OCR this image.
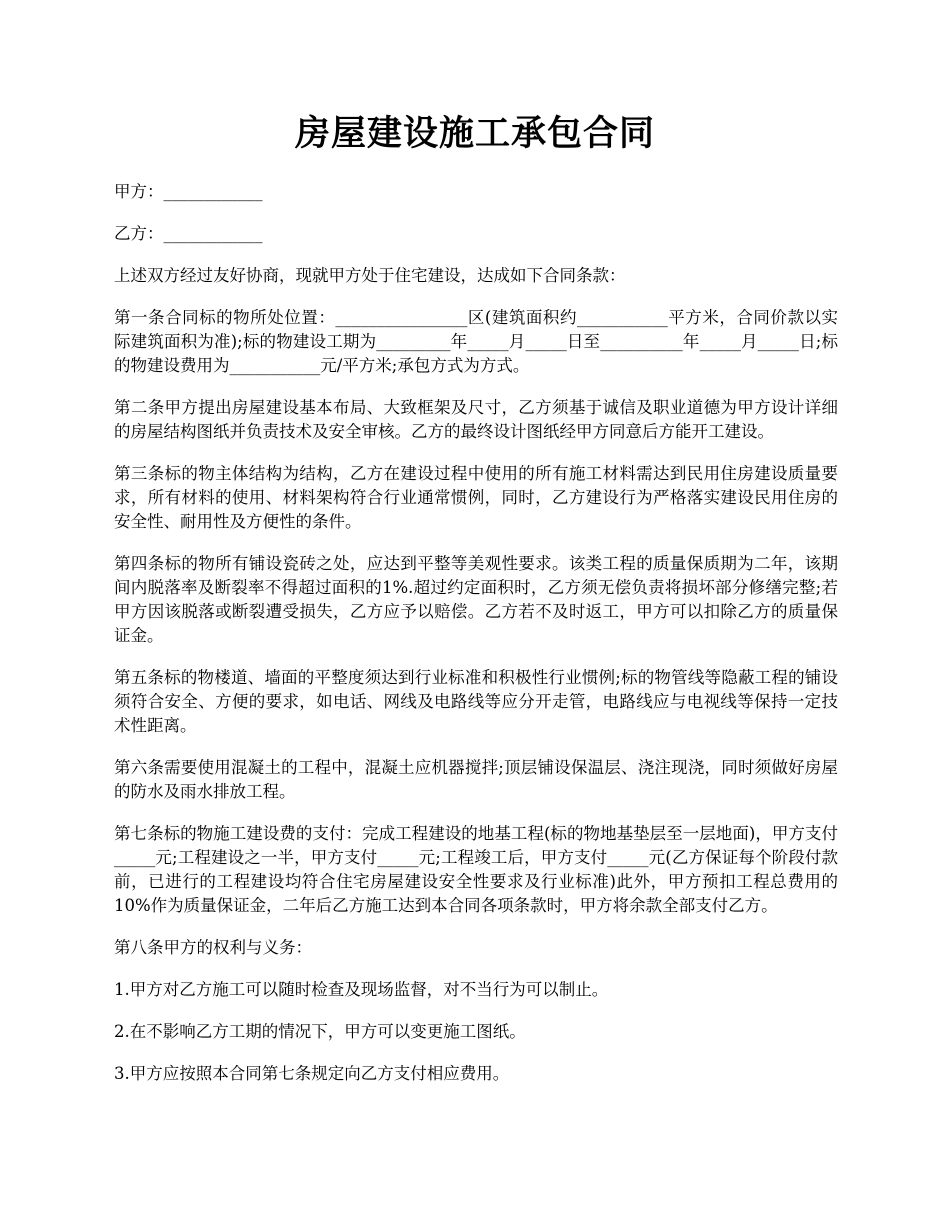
房屋建设施工承包合同

甲方：____________

乙方：____________

上述双方经过友好协商，现就甲方处于住宅建设，达成如下合同条款：

第一条合同标的物所处位置：________________区(建筑面积约___________平方米，合同价款以实际建筑面积为准);标的物建设工期为_________年_____月_____日至__________年_____月_____日;标的物建设费用为___________元/平方米;承包方式为方式。

第二条甲方提出房屋建设基本布局、大致框架及尺寸，乙方须基于诚信及职业道德为甲方设计详细的房屋结构图纸并负责技术及安全审核。乙方的最终设计图纸经甲方同意后方能开工建设。

第三条标的物主体结构为结构，乙方在建设过程中使用的所有施工材料需达到民用住房建设质量要求，所有材料的使用、材料架构符合行业通常惯例，同时，乙方建设行为严格落实建设民用住房的安全性、耐用性及方便性的条件。

第四条标的物所有铺设瓷砖之处，应达到平整等美观性要求。该类工程的质量保质期为二年，该期间内脱落率及断裂率不得超过面积的1%.超过约定面积时，乙方须无偿负责将损坏部分修缮完整;若甲方因该脱落或断裂遭受损失，乙方应予以赔偿。乙方若不及时返工，甲方可以扣除乙方的质量保证金。

第五条标的物楼道、墙面的平整度须达到行业标准和积极性行业惯例;标的物管线等隐蔽工程的铺设须符合安全、方便的要求，如电话、网线及电路线等应分开走管，电路线应与电视线等保持一定技术性距离。

第六条需要使用混凝土的工程中，混凝土应机器搅拌;顶层铺设保温层、浇注现浇，同时须做好房屋的防水及雨水排放工程。

第七条标的物施工建设费的支付：完成工程建设的地基工程(标的物地基垫层至一层地面)，甲方支付_____元;工程建设之一半，甲方支付_____元;工程竣工后，甲方支付_____元(乙方保证每个阶段付款前，已进行的工程建设均符合住宅房屋建设安全性要求及行业标准)此外，甲方预扣工程总费用的10%作为质量保证金，二年后乙方施工达到本合同各项条款时，甲方将余款全部支付乙方。

第八条甲方的权利与义务：

1.甲方对乙方施工可以随时检查及现场监督，对不当行为可以制止。

2.在不影响乙方工期的情况下，甲方可以变更施工图纸。

3.甲方应按照本合同第七条规定向乙方支付相应费用。
